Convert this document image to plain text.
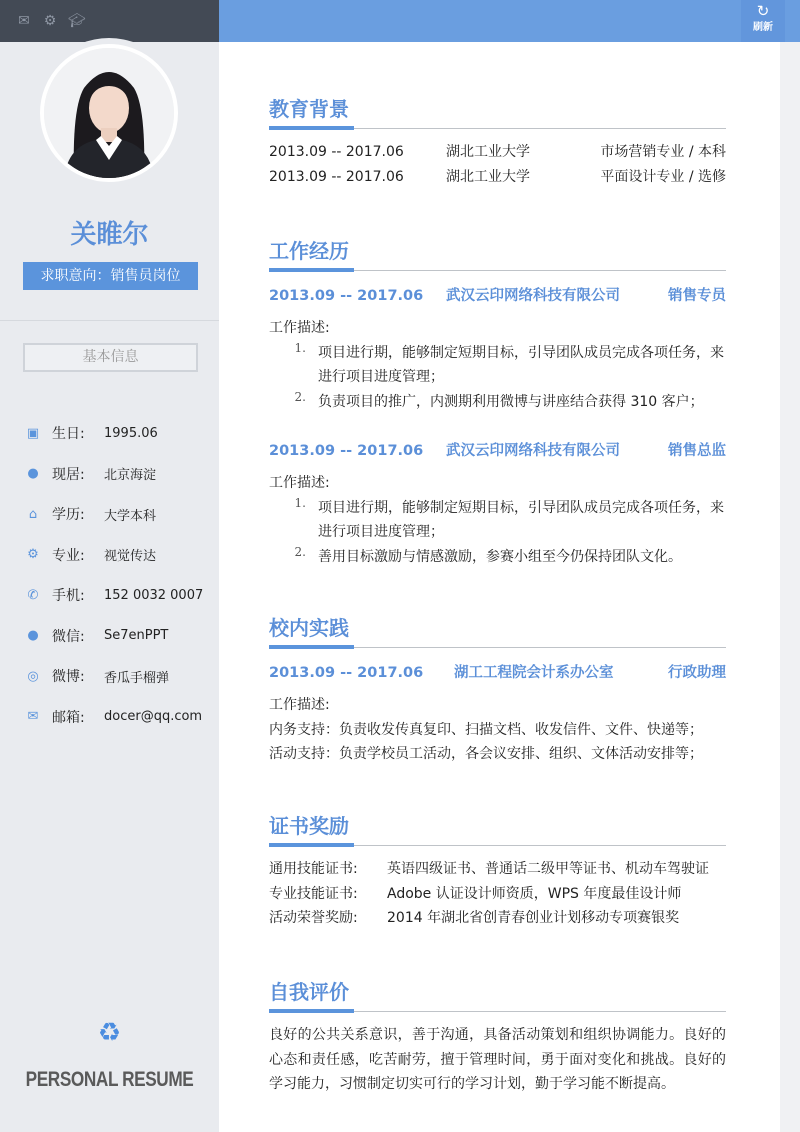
✉ ⚙ 🎓︎
↻
刷新
关睢尔
求职意向：销售员岗位
基本信息
▣ 生日:	1995.06
● 现居:	北京海淀
⌂	学历:	大学本科
⚙ 专业:	视觉传达
✆ 手机:	152 0032 0007
● 微信:	Se7enPPT
◎ 微博:	香瓜手榴弹
✉ 邮箱:	docer@qq.com
♻
PERSONAL RESUME
教育背景
2013.09 -- 2017.06	湖北工业大学	市场营销专业 / 本科
2013.09 -- 2017.06	湖北工业大学	平面设计专业 / 选修
工作经历
2013.09 -- 2017.06	武汉云印网络科技有限公司	销售专员
工作描述:
1. 项目进行期，能够制定短期目标，引导团队成员完成各项任务，来进行项目进度管理；
2. 负责项目的推广，内测期利用微博与讲座结合获得 310 客户；
2013.09 -- 2017.06	武汉云印网络科技有限公司	销售总监
工作描述:
1. 项目进行期，能够制定短期目标，引导团队成员完成各项任务，来进行项目进度管理；
2. 善用目标激励与情感激励，参赛小组至今仍保持团队文化。
校内实践
2013.09 -- 2017.06	湖工工程院会计系办公室	行政助理
工作描述:
内务支持：负责收发传真复印、扫描文档、收发信件、文件、快递等；
活动支持：负责学校员工活动，各会议安排、组织、文体活动安排等；
证书奖励
通用技能证书:	英语四级证书、普通话二级甲等证书、机动车驾驶证
专业技能证书:	Adobe 认证设计师资质，WPS 年度最佳设计师
活动荣誉奖励:	2014 年湖北省创青春创业计划移动专项赛银奖
自我评价
良好的公共关系意识，善于沟通，具备活动策划和组织协调能力。良好的心态和责任感，吃苦耐劳，擅于管理时间，勇于面对变化和挑战。良好的学习能力，习惯制定切实可行的学习计划，勤于学习能不断提高。
